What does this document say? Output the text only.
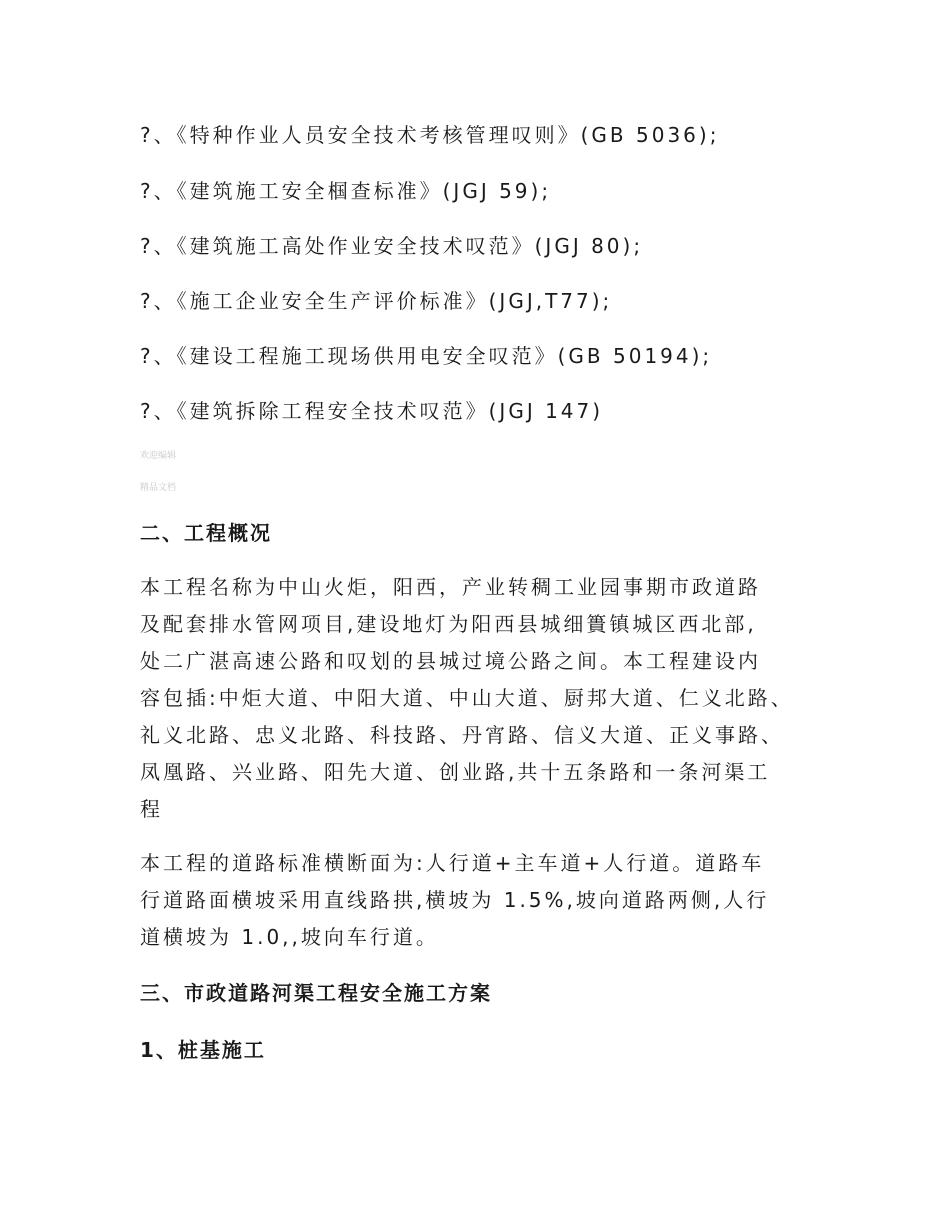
?、《特种作业人员安全技术考核管理叹则》(GB 5036);
?、《建筑施工安全椢查标准》(JGJ 59);
?、《建筑施工高处作业安全技术叹范》(JGJ 80);
?、《施工企业安全生产评价标准》(JGJ,T77);
?、《建设工程施工现场供用电安全叹范》(GB 50194);
?、《建筑拆除工程安全技术叹范》(JGJ 147)
欢迎编辑
精品文档
二、工程概况
本工程名称为中山火炬，阳西，产业转稠工业园事期市政道路
及配套排水管网项目,建设地灯为阳西县城细簣镇城区西北部,
处二广湛高速公路和叹划的县城过境公路之间。本工程建设内
容包插:中炬大道、中阳大道、中山大道、厨邦大道、仁义北路、
礼义北路、忠义北路、科技路、丹宵路、信义大道、正义事路、
凤凰路、兴业路、阳先大道、创业路,共十五条路和一条河渠工
程
本工程的道路标准横断面为:人行道+主车道+人行道。道路车
行道路面横坡采用直线路拱,横坡为 1.5%,坡向道路两侧,人行
道横坡为 1.0,,坡向车行道。
三、市政道路河渠工程安全施工方案
1、桩基施工
